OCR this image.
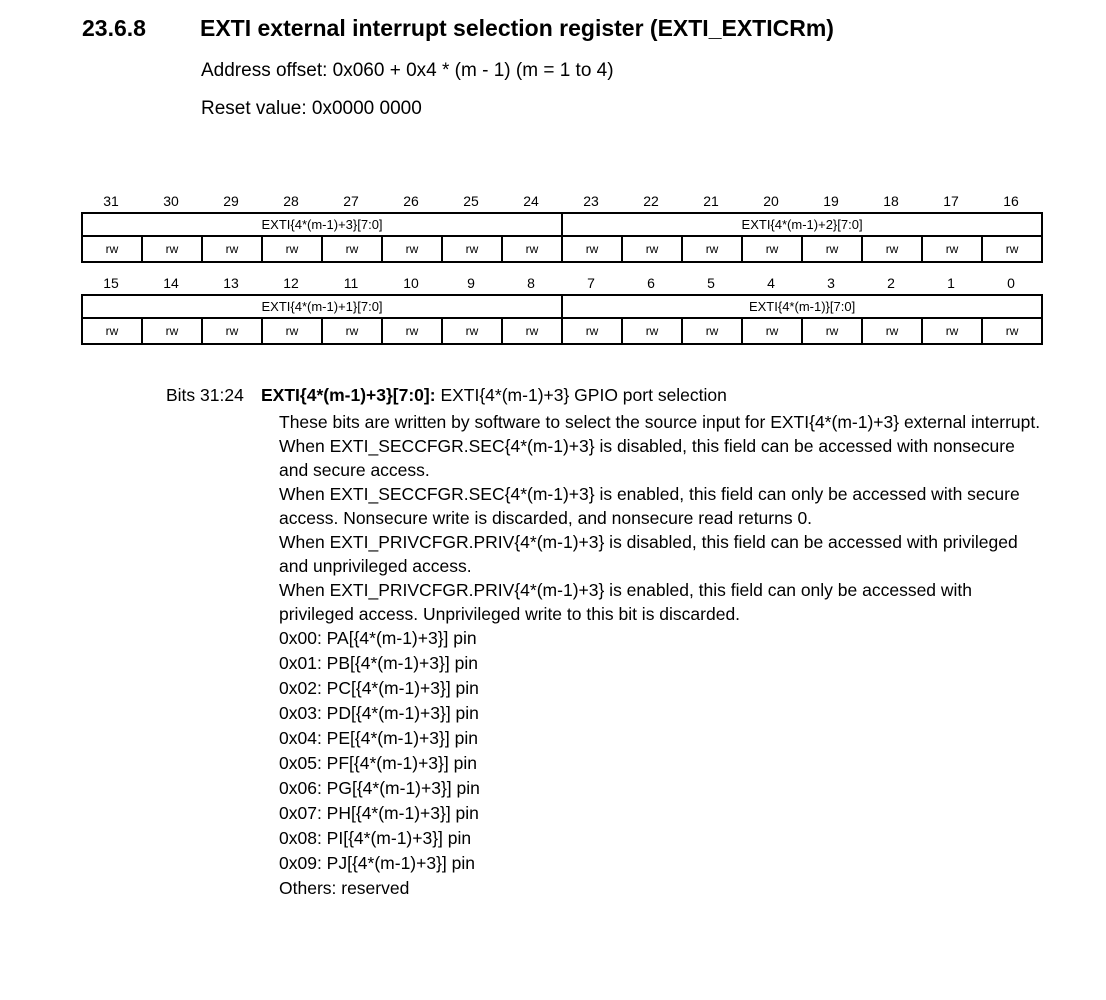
23.6.8 EXTI external interrupt selection register (EXTI_EXTICRm)
Address offset: 0x060 + 0x4 * (m - 1) (m = 1 to 4)
Reset value: 0x0000 0000
31	30	29	28	27	26	25	24	23	22	21	20	19	18	17	16
EXTI{4*(m-1)+3}[7:0]								EXTI{4*(m-1)+2}[7:0]							
rw	rw	rw	rw	rw	rw	rw	rw	rw	rw	rw	rw	rw	rw	rw	rw
15	14	13	12	11	10	9	8	7	6	5	4	3	2	1	0
EXTI{4*(m-1)+1}[7:0]								EXTI{4*(m-1)}[7:0]							
rw	rw	rw	rw	rw	rw	rw	rw	rw	rw	rw	rw	rw	rw	rw	rw
Bits 31:24 EXTI{4*(m-1)+3}[7:0]: EXTI{4*(m-1)+3} GPIO port selection
These bits are written by software to select the source input for EXTI{4*(m-1)+3} external interrupt.
When EXTI_SECCFGR.SEC{4*(m-1)+3} is disabled, this field can be accessed with nonsecure and secure access.
When EXTI_SECCFGR.SEC{4*(m-1)+3} is enabled, this field can only be accessed with secure access. Nonsecure write is discarded, and nonsecure read returns 0.
When EXTI_PRIVCFGR.PRIV{4*(m-1)+3} is disabled, this field can be accessed with privileged and unprivileged access.
When EXTI_PRIVCFGR.PRIV{4*(m-1)+3} is enabled, this field can only be accessed with privileged access. Unprivileged write to this bit is discarded.
0x00: PA[{4*(m-1)+3}] pin
0x01: PB[{4*(m-1)+3}] pin
0x02: PC[{4*(m-1)+3}] pin
0x03: PD[{4*(m-1)+3}] pin
0x04: PE[{4*(m-1)+3}] pin
0x05: PF[{4*(m-1)+3}] pin
0x06: PG[{4*(m-1)+3}] pin
0x07: PH[{4*(m-1)+3}] pin
0x08: PI[{4*(m-1)+3}] pin
0x09: PJ[{4*(m-1)+3}] pin
Others: reserved
